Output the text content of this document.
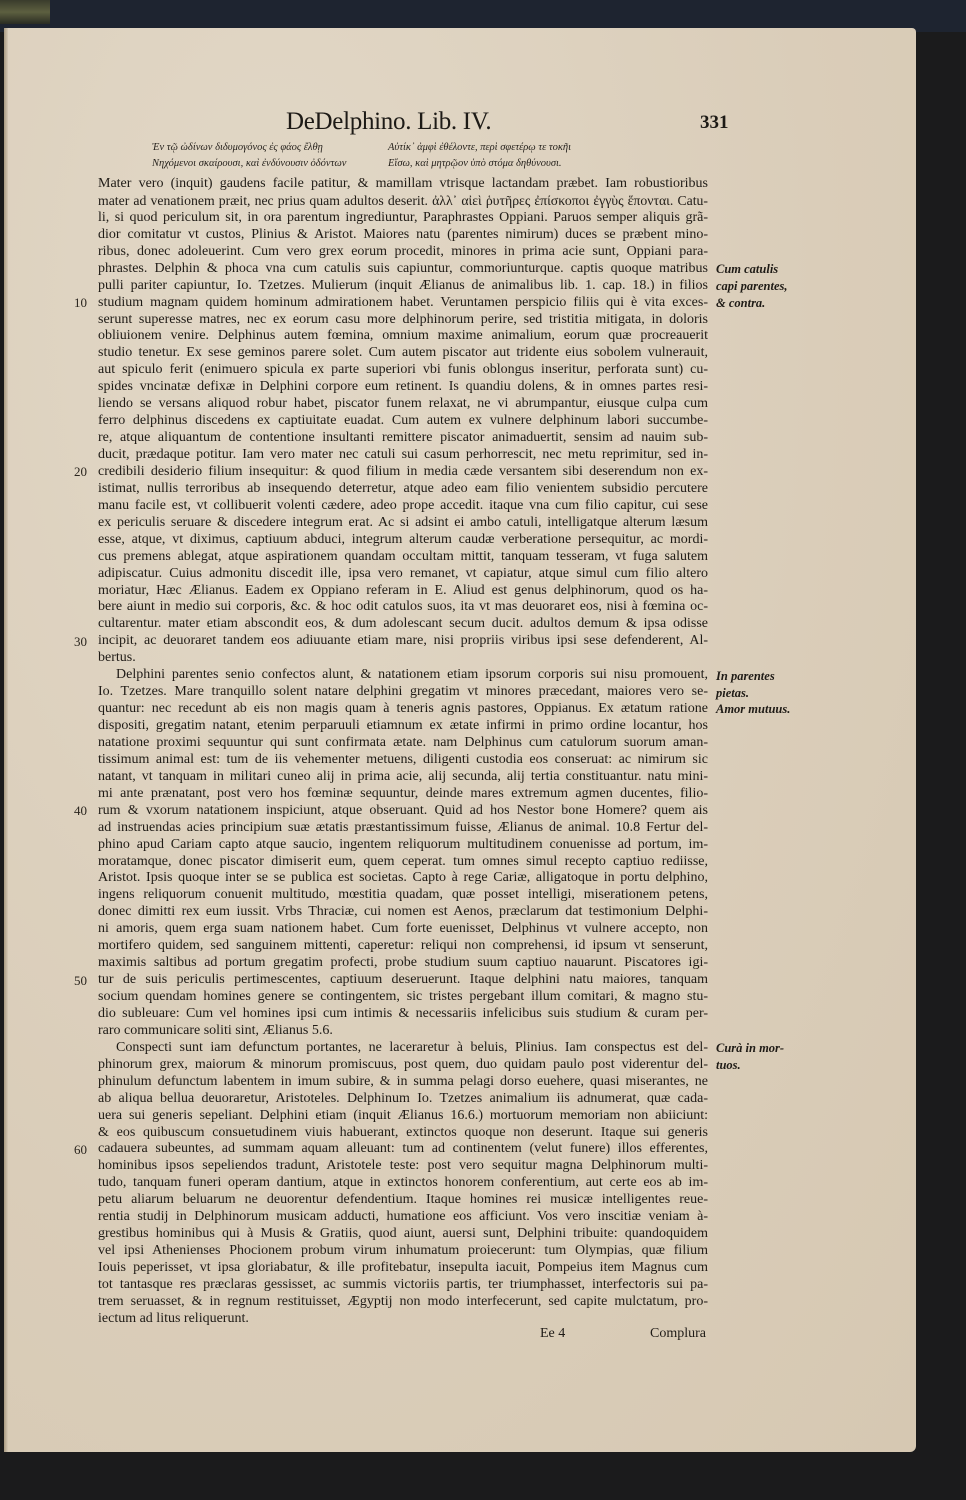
DeDelphino. Lib. IV.	331
Ἐν τῷ ὠδίνων διδυμογόνος ἐς φάος ἔλθῃ
Νηχόμενοι σκαίρουσι, καὶ ἐνδύνουσιν ὀδόντων
Αὐτίκ᾽ ἀμφὶ ἐθέλοντε, περὶ σφετέρῳ τε τοκῆι
Εἴσω, καὶ μητρῷον ὑπὸ στόμα δηθύνουσι.
Mater vero (inquit) gaudens facile patitur, & mamillam vtrisque lactandam præbet. Iam robustioribus
mater ad venationem præit, nec prius quam adultos deserit. ἀλλ᾽ αἰεὶ ῥυτῆρες ἐπίσκοποι ἐγγὺς ἕπονται. Catu-
li, si quod periculum sit, in ora parentum ingrediuntur, Paraphrastes Oppiani. Paruos semper aliquis grã-
dior comitatur vt custos, Plinius & Aristot. Maiores natu (parentes nimirum) duces se præbent mino-
ribus, donec adoleuerint. Cum vero grex eorum procedit, minores in prima acie sunt, Oppiani para-
phrastes. Delphin & phoca vna cum catulis suis capiuntur, commoriunturque. captis quoque matribus
pulli pariter capiuntur, Io. Tzetzes. Mulierum (inquit Ælianus de animalibus lib. 1. cap. 18.) in filios
studium magnam quidem hominum admirationem habet. Veruntamen perspicio filiis qui è vita exces-
serunt superesse matres, nec ex eorum casu more delphinorum perire, sed tristitia mitigata, in doloris
obliuionem venire. Delphinus autem fœmina, omnium maxime animalium, eorum quæ procreauerit
studio tenetur. Ex sese geminos parere solet. Cum autem piscator aut tridente eius sobolem vulnerauit,
aut spiculo ferit (enimuero spicula ex parte superiori vbi funis oblongus inseritur, perforata sunt) cu-
spides vncinatæ defixæ in Delphini corpore eum retinent. Is quandiu dolens, & in omnes partes resi-
liendo se versans aliquod robur habet, piscator funem relaxat, ne vi abrumpantur, eiusque culpa cum
ferro delphinus discedens ex captiuitate euadat. Cum autem ex vulnere delphinum labori succumbe-
re, atque aliquantum de contentione insultanti remittere piscator animaduertit, sensim ad nauim sub-
ducit, prædaque potitur. Iam vero mater nec catuli sui casum perhorrescit, nec metu reprimitur, sed in-
credibili desiderio filium insequitur: & quod filium in media cæde versantem sibi deserendum non ex-
istimat, nullis terroribus ab insequendo deterretur, atque adeo eam filio venientem subsidio percutere
manu facile est, vt collibuerit volenti cædere, adeo prope accedit. itaque vna cum filio capitur, cui sese
ex periculis seruare & discedere integrum erat. Ac si adsint ei ambo catuli, intelligatque alterum læsum
esse, atque, vt diximus, captiuum abduci, integrum alterum caudæ verberatione persequitur, ac mordi-
cus premens ablegat, atque aspirationem quandam occultam mittit, tanquam tesseram, vt fuga salutem
adipiscatur. Cuius admonitu discedit ille, ipsa vero remanet, vt capiatur, atque simul cum filio altero
moriatur, Hæc Ælianus. Eadem ex Oppiano referam in E. Aliud est genus delphinorum, quod os ha-
bere aiunt in medio sui corporis, &c. & hoc odit catulos suos, ita vt mas deuoraret eos, nisi à fœmina oc-
cultarentur. mater etiam abscondit eos, & dum adolescant secum ducit. adultos demum & ipsa odisse
incipit, ac deuoraret tandem eos adiuuante etiam mare, nisi propriis viribus ipsi sese defenderent, Al-
bertus.
Delphini parentes senio confectos alunt, & natationem etiam ipsorum corporis sui nisu promouent,
Io. Tzetzes. Mare tranquillo solent natare delphini gregatim vt minores præcedant, maiores vero se-
quantur: nec recedunt ab eis non magis quam à teneris agnis pastores, Oppianus. Ex ætatum ratione
dispositi, gregatim natant, etenim perparuuli etiamnum ex ætate infirmi in primo ordine locantur, hos
natatione proximi sequuntur qui sunt confirmata ætate. nam Delphinus cum catulorum suorum aman-
tissimum animal est: tum de iis vehementer metuens, diligenti custodia eos conseruat: ac nimirum sic
natant, vt tanquam in militari cuneo alij in prima acie, alij secunda, alij tertia constituantur. natu mini-
mi ante prænatant, post vero hos fœminæ sequuntur, deinde mares extremum agmen ducentes, filio-
rum & vxorum natationem inspiciunt, atque obseruant. Quid ad hos Nestor bone Homere? quem ais
ad instruendas acies principium suæ ætatis præstantissimum fuisse, Ælianus de animal. 10.8 Fertur del-
phino apud Cariam capto atque saucio, ingentem reliquorum multitudinem conuenisse ad portum, im-
moratamque, donec piscator dimiserit eum, quem ceperat. tum omnes simul recepto captiuo rediisse,
Aristot. Ipsis quoque inter se se publica est societas. Capto à rege Cariæ, alligatoque in portu delphino,
ingens reliquorum conuenit multitudo, mœstitia quadam, quæ posset intelligi, miserationem petens,
donec dimitti rex eum iussit. Vrbs Thraciæ, cui nomen est Aenos, præclarum dat testimonium Delphi-
ni amoris, quem erga suam nationem habet. Cum forte euenisset, Delphinus vt vulnere accepto, non
mortifero quidem, sed sanguinem mittenti, caperetur: reliqui non comprehensi, id ipsum vt senserunt,
maximis saltibus ad portum gregatim profecti, probe studium suum captiuo nauarunt. Piscatores igi-
tur de suis periculis pertimescentes, captiuum deseruerunt. Itaque delphini natu maiores, tanquam
socium quendam homines genere se contingentem, sic tristes pergebant illum comitari, & magno stu-
dio subleuare: Cum vel homines ipsi cum intimis & necessariis infelicibus suis studium & curam per-
raro communicare soliti sint, Ælianus 5.6.
Conspecti sunt iam defunctum portantes, ne laceraretur à beluis, Plinius. Iam conspectus est del-
phinorum grex, maiorum & minorum promiscuus, post quem, duo quidam paulo post viderentur del-
phinulum defunctum labentem in imum subire, & in summa pelagi dorso euehere, quasi miserantes, ne
ab aliqua bellua deuoraretur, Aristoteles. Delphinum Io. Tzetzes animalium iis adnumerat, quæ cada-
uera sui generis sepeliant. Delphini etiam (inquit Ælianus 16.6.) mortuorum memoriam non abiiciunt:
& eos quibuscum consuetudinem viuis habuerant, extinctos quoque non deserunt. Itaque sui generis
cadauera subeuntes, ad summam aquam alleuant: tum ad continentem (velut funere) illos efferentes,
hominibus ipsos sepeliendos tradunt, Aristotele teste: post vero sequitur magna Delphinorum multi-
tudo, tanquam funeri operam dantium, atque in extinctos honorem conferentium, aut certe eos ab im-
petu aliarum beluarum ne deuorentur defendentium. Itaque homines rei musicæ intelligentes reue-
rentia studij in Delphinorum musicam adducti, humatione eos afficiunt. Vos vero inscitiæ veniam à-
grestibus hominibus qui à Musis & Gratiis, quod aiunt, auersi sunt, Delphini tribuite: quandoquidem
vel ipsi Athenienses Phocionem probum virum inhumatum proiecerunt: tum Olympias, quæ filium
Iouis peperisset, vt ipsa gloriabatur, & ille profitebatur, insepulta iacuit, Pompeius item Magnus cum
tot tantasque res præclaras gessisset, ac summis victoriis partis, ter triumphasset, interfectoris sui pa-
trem seruasset, & in regnum restituisset, Ægyptij non modo interfecerunt, sed capite mulctatum, pro-
iectum ad litus reliquerunt.
10
20
30
40
50
60
Cum catulis
capi parentes,
& contra.
In parentes
pietas.
Amor mutuus.
Curà in mor-
tuos.
Ee 4	Complura
